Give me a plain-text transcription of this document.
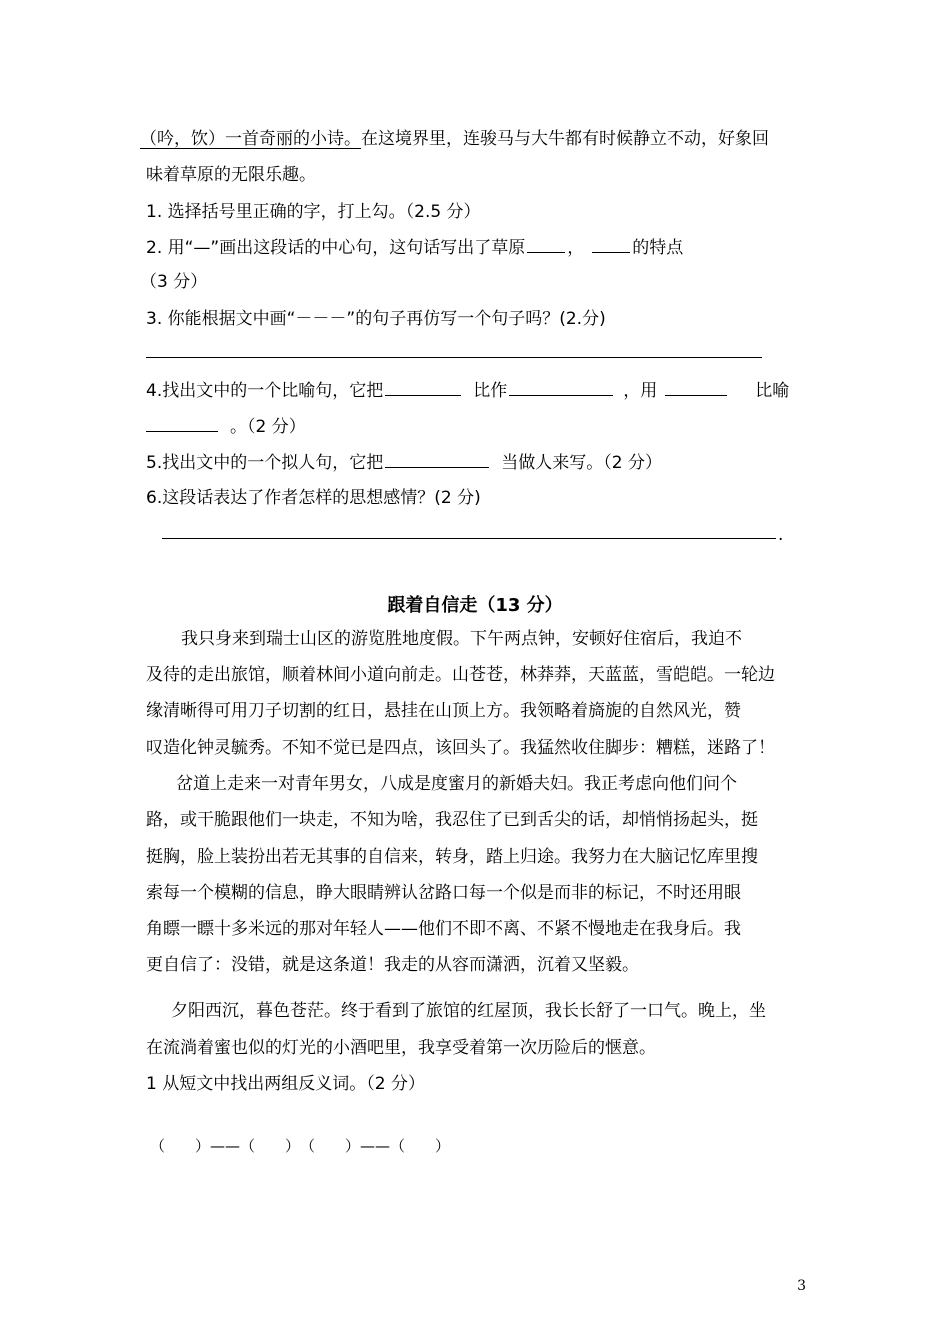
（吟，饮）一首奇丽的小诗。在这境界里，连骏马与大牛都有时候静立不动，好象回
味着草原的无限乐趣。
1. 选择括号里正确的字，打上勾。（2.5 分）
2. 用“—”画出这段话的中心句，这句话写出了草原 ，	的特点
（3 分）
3. 你能根据文中画“－－－”的句子再仿写一个句子吗？(2.分)
4.找出文中的一个比喻句，它把	比作	，用	比喻
。（2 分）
5.找出文中的一个拟人句，它把	当做人来写。（2 分）
6.这段话表达了作者怎样的思想感情？(2 分)
.
跟着自信走（13 分）
我只身来到瑞士山区的游览胜地度假。下午两点钟，安顿好住宿后，我迫不
及待的走出旅馆，顺着林间小道向前走。山苍苍，林莽莽，天蓝蓝，雪皑皑。一轮边
缘清晰得可用刀子切割的红日，悬挂在山顶上方。我领略着旖旎的自然风光，赞
叹造化钟灵毓秀。不知不觉已是四点，该回头了。我猛然收住脚步：糟糕，迷路了！
岔道上走来一对青年男女，八成是度蜜月的新婚夫妇。我正考虑向他们问个
路，或干脆跟他们一块走，不知为啥，我忍住了已到舌尖的话，却悄悄扬起头，挺
挺胸，脸上装扮出若无其事的自信来，转身，踏上归途。我努力在大脑记忆库里搜
索每一个模糊的信息，睁大眼睛辨认岔路口每一个似是而非的标记，不时还用眼
角瞟一瞟十多米远的那对年轻人——他们不即不离、不紧不慢地走在我身后。我
更自信了：没错，就是这条道！我走的从容而潇洒，沉着又坚毅。
夕阳西沉，暮色苍茫。终于看到了旅馆的红屋顶，我长长舒了一口气。晚上，坐
在流淌着蜜也似的灯光的小酒吧里，我享受着第一次历险后的惬意。
1 从短文中找出两组反义词。（2 分）
（　　）——（　　）　（　　）——（　　）
3
